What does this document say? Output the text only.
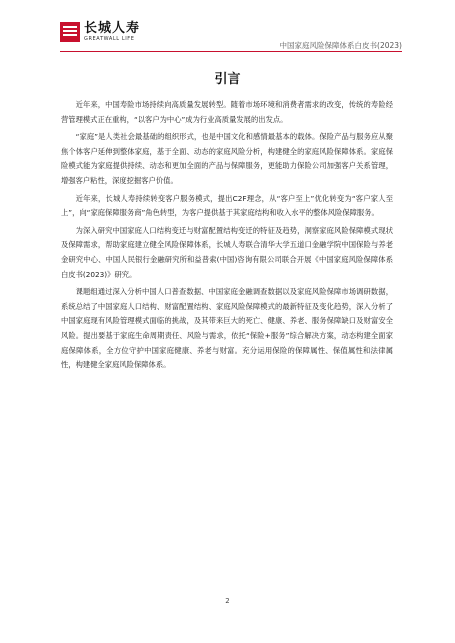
长城人寿
GREATWALL LIFE
中国家庭风险保障体系白皮书(2023)
引言

近年来，中国寿险市场持续向高质量发展转型。随着市场环境和消费者需求的改变，传统的寿险经营管理模式正在重构，“以客户为中心”成为行业高质量发展的出发点。

“家庭”是人类社会最基础的组织形式，也是中国文化和感情最基本的载体。保险产品与服务应从聚焦个体客户延伸到整体家庭，基于全面、动态的家庭风险分析，构建健全的家庭风险保障体系。家庭保险模式能为家庭提供持续、动态和更加全面的产品与保障服务，更能助力保险公司加强客户关系管理，增强客户粘性，深度挖掘客户价值。

近年来，长城人寿持续转变客户服务模式，提出C2F理念，从“客户至上”优化转变为“客户家人至上”，向“家庭保障服务商”角色转型，为客户提供基于其家庭结构和收入水平的整体风险保障服务。

为深入研究中国家庭人口结构变迁与财富配置结构变迁的特征及趋势，洞察家庭风险保障模式现状及保障需求，帮助家庭建立健全风险保障体系，长城人寿联合清华大学五道口金融学院中国保险与养老金研究中心、中国人民银行金融研究所和益普索(中国)咨询有限公司联合开展《中国家庭风险保障体系白皮书(2023)》研究。

课题组通过深入分析中国人口普查数据、中国家庭金融调查数据以及家庭风险保障市场调研数据，系统总结了中国家庭人口结构、财富配置结构、家庭风险保障模式的最新特征及变化趋势，深入分析了中国家庭现有风险管理模式面临的挑战，及其带来巨大的死亡、健康、养老、服务保障缺口及财富安全风险。提出要基于家庭生命周期责任、风险与需求，依托“保险+服务”综合解决方案，动态构建全面家庭保障体系，全方位守护中国家庭健康、养老与财富。充分运用保险的保障属性、保值属性和法律属性，构建健全家庭风险保障体系。

2
